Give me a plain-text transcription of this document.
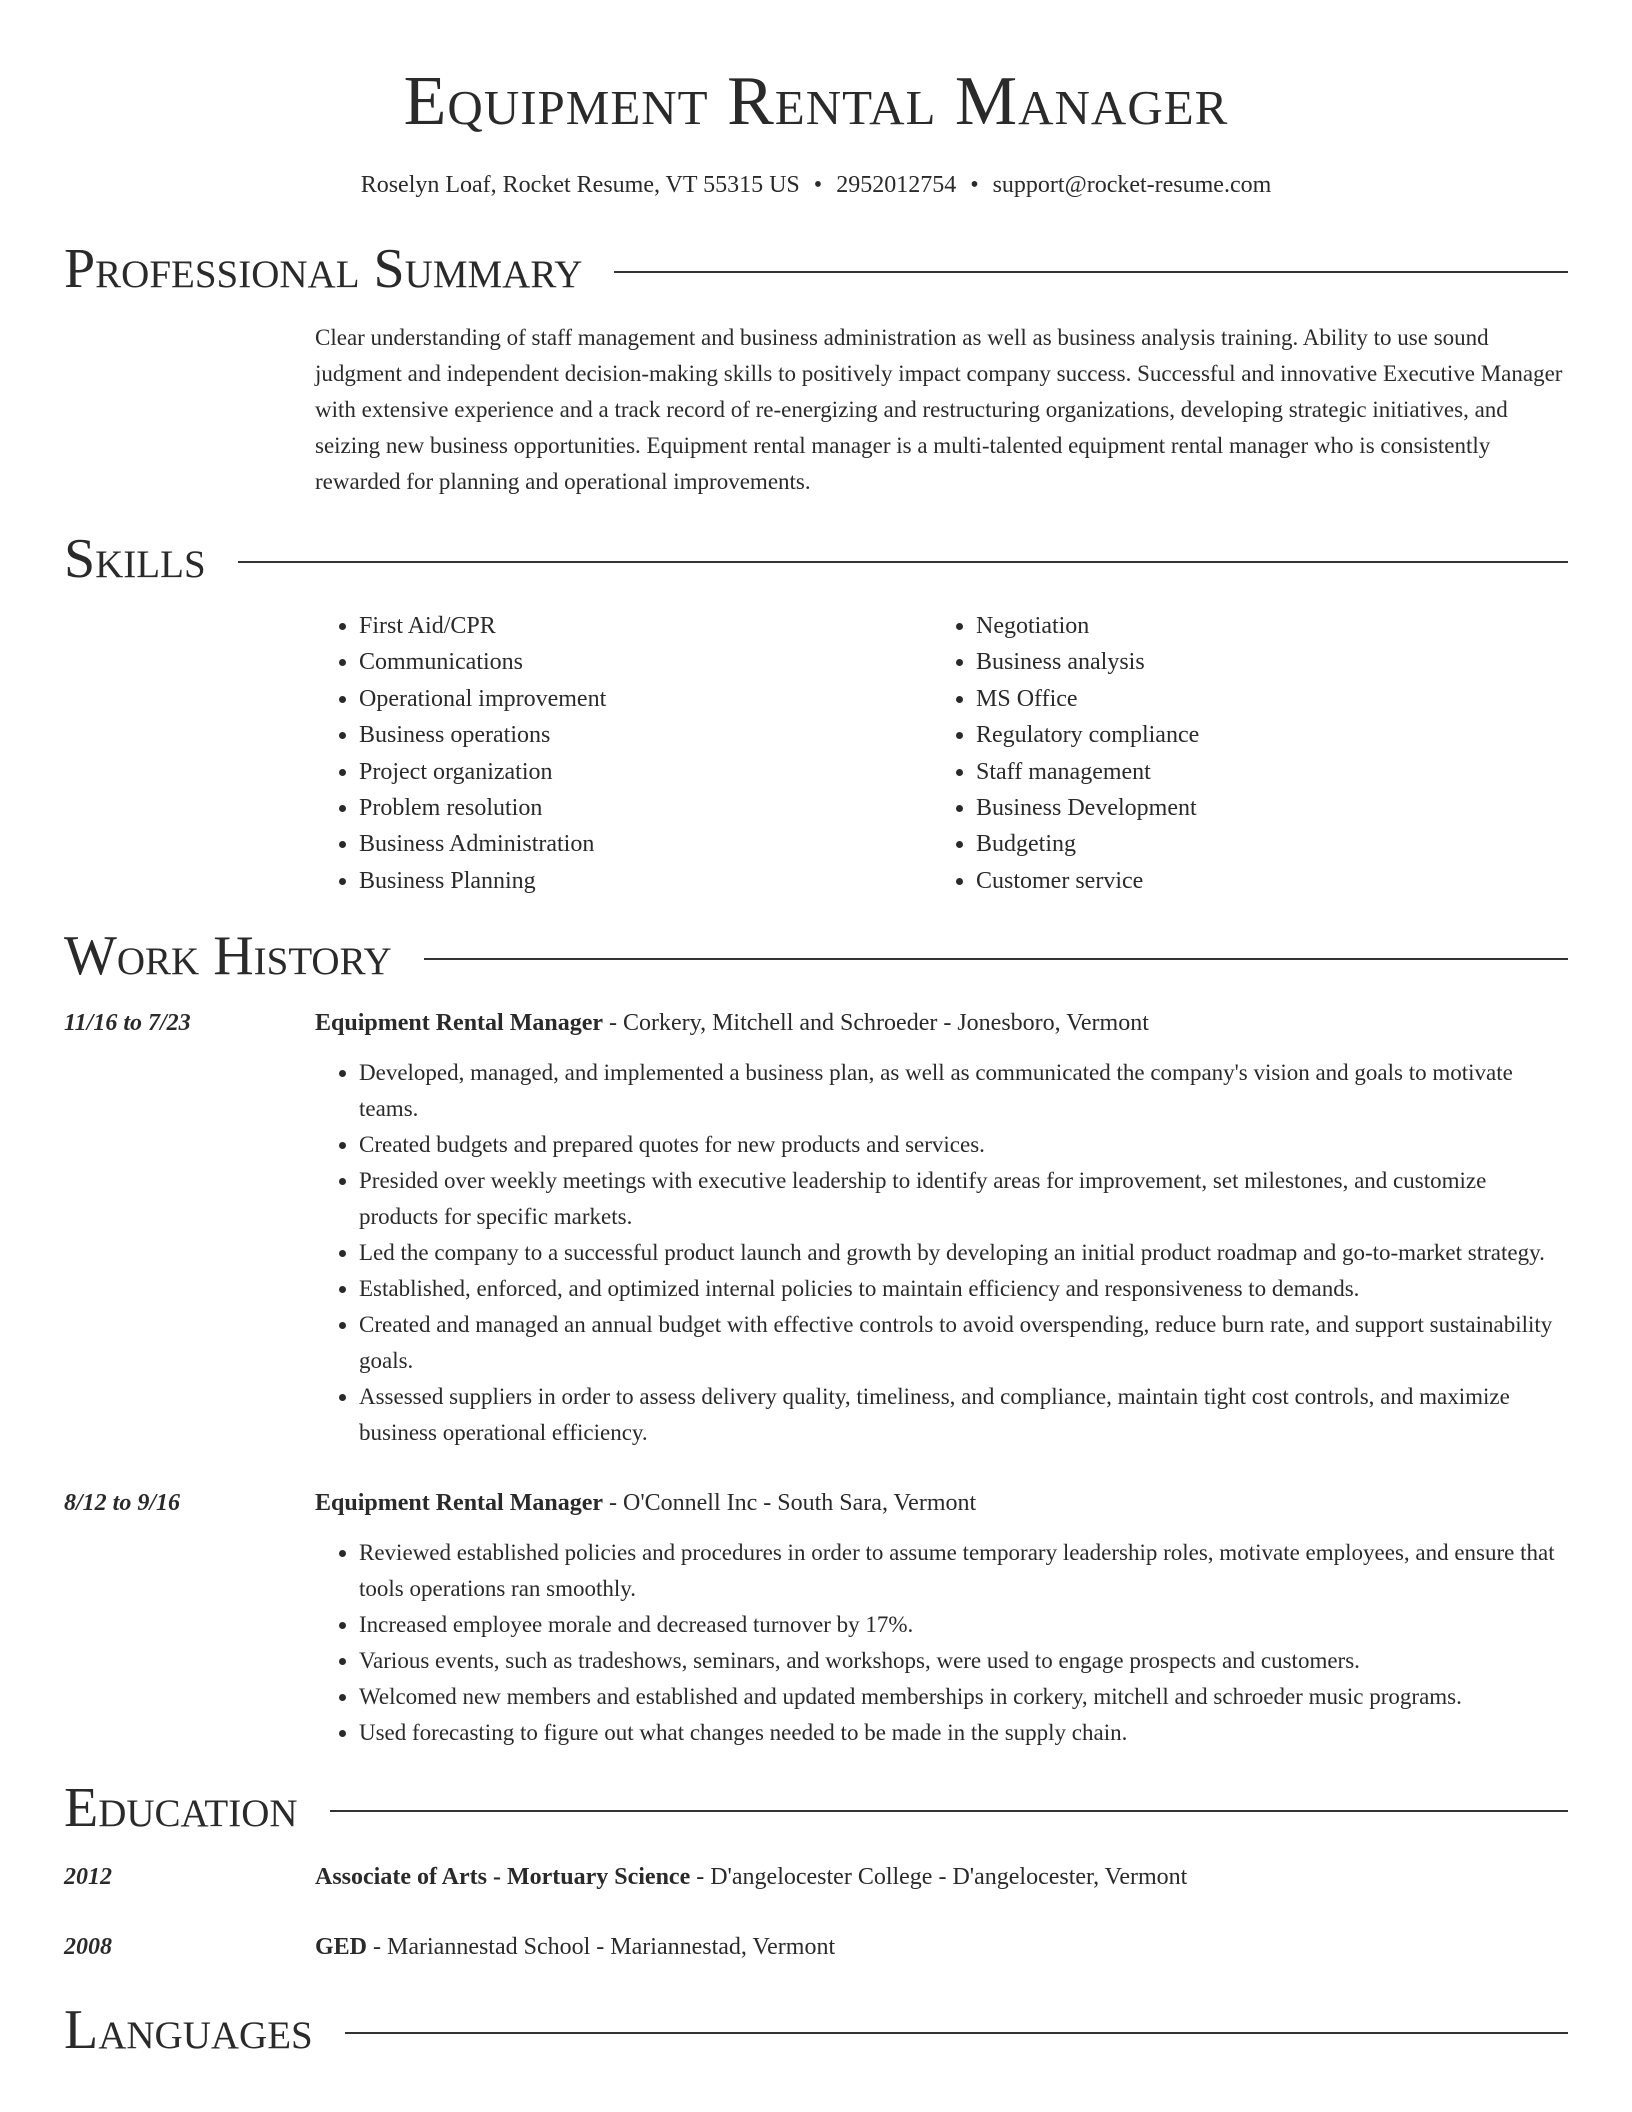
Equipment Rental Manager
Roselyn Loaf, Rocket Resume, VT 55315 US • 2952012754 • support@rocket-resume.com
Professional Summary
Clear understanding of staff management and business administration as well as business analysis training. Ability to use sound judgment and independent decision-making skills to positively impact company success. Successful and innovative Executive Manager with extensive experience and a track record of re-energizing and restructuring organizations, developing strategic initiatives, and seizing new business opportunities. Equipment rental manager is a multi-talented equipment rental manager who is consistently rewarded for planning and operational improvements.
Skills
• First Aid/CPR
• Communications
• Operational improvement
• Business operations
• Project organization
• Problem resolution
• Business Administration
• Business Planning
• Negotiation
• Business analysis
• MS Office
• Regulatory compliance
• Staff management
• Business Development
• Budgeting
• Customer service
Work History
11/16 to 7/23	Equipment Rental Manager - Corkery, Mitchell and Schroeder - Jonesboro, Vermont
• Developed, managed, and implemented a business plan, as well as communicated the company's vision and goals to motivate teams.
• Created budgets and prepared quotes for new products and services.
• Presided over weekly meetings with executive leadership to identify areas for improvement, set milestones, and customize products for specific markets.
• Led the company to a successful product launch and growth by developing an initial product roadmap and go-to-market strategy.
• Established, enforced, and optimized internal policies to maintain efficiency and responsiveness to demands.
• Created and managed an annual budget with effective controls to avoid overspending, reduce burn rate, and support sustainability goals.
• Assessed suppliers in order to assess delivery quality, timeliness, and compliance, maintain tight cost controls, and maximize business operational efficiency.
8/12 to 9/16	Equipment Rental Manager - O'Connell Inc - South Sara, Vermont
• Reviewed established policies and procedures in order to assume temporary leadership roles, motivate employees, and ensure that tools operations ran smoothly.
• Increased employee morale and decreased turnover by 17%.
• Various events, such as tradeshows, seminars, and workshops, were used to engage prospects and customers.
• Welcomed new members and established and updated memberships in corkery, mitchell and schroeder music programs.
• Used forecasting to figure out what changes needed to be made in the supply chain.
Education
2012	Associate of Arts - Mortuary Science - D'angelocester College - D'angelocester, Vermont
2008	GED - Mariannestad School - Mariannestad, Vermont
Languages
